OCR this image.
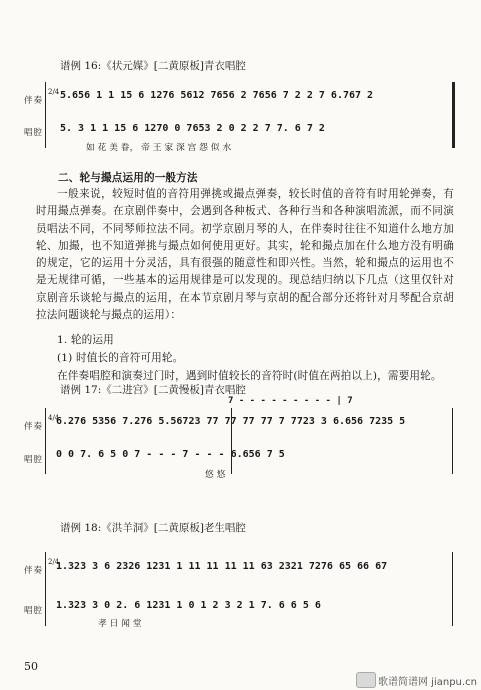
谱例 16:《状元媒》[二黄原板]青衣唱腔
伴奏
唱腔
2/4 5.656 1 1 15 6 1276 5612 7656 2 7656 7 2 2 7 6.767 2
5. 3 1 1 15 6 1270 0 7653 2 0 2 2 7 7. 6 7 2
如 花 美 眷， 帝 王 家 深 宫 怨 似 水
二、轮与撮点运用的一般方法
一般来说，较短时值的音符用弹挑或撮点弹奏，较长时值的音符有时用轮弹奏，有时用撮点弹奏。在京剧伴奏中，会遇到各种板式、各种行当和各种演唱流派，而不同演员唱法不同，不同琴师拉法不同。初学京剧月琴的人，在伴奏时往往不知道什么地方加轮、加撮，也不知道弹挑与撮点如何使用更好。其实，轮和撮点加在什么地方没有明确的规定，它的运用十分灵活，具有很强的随意性和即兴性。当然，轮和撮点的运用也不是无规律可循，一些基本的运用规律是可以发现的。现总结归纳以下几点（这里仅针对京剧音乐谈轮与撮点的运用，在本节京剧月琴与京胡的配合部分还将针对月琴配合京胡拉法问题谈轮与撮点的运用）：
1. 轮的运用
(1) 时值长的音符可用轮。
在伴奏唱腔和演奏过门时，遇到时值较长的音符时(时值在两拍以上)，需要用轮。
谱例 17:《二进宫》[二黄慢板]青衣唱腔
7 - - - - - - - - - | 7
伴奏
唱腔
4/4
6.276 5356 7.276 5.56723 77 77 77 77 7 7723 3 6.656 7235 5
0 0 7. 6 5 0 7 - - - 7 - - - 6.656 7 5
悠 悠
谱例 18:《洪羊洞》[二黄原板]老生唱腔
伴奏
唱腔
2/4
1.323 3 6 2326 1231 1 11 11 11 11 63 2321 7276 65 66 67
1.323 3 0 2. 6 1231 1 0 1 2 3 2 1 7. 6 6 5 6
孝 日 闻 堂
50
歌谱简谱网 jianpu.cn
